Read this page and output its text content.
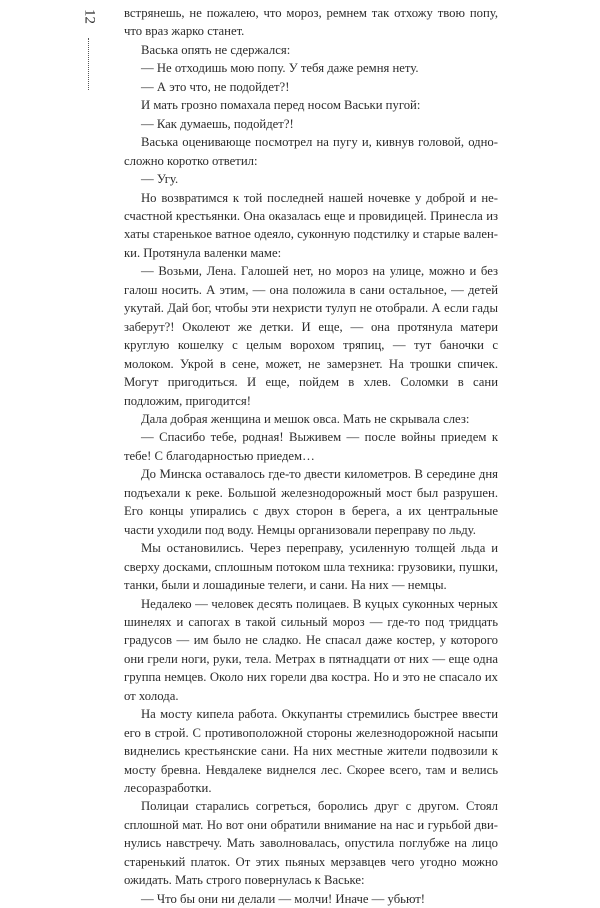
12 встрянешь, не пожалею, что мороз, ремнем так отхожу твою попу, что враз жарко станет.

Васька опять не сдержался:

— Не отходишь мою попу. У тебя даже ремня нету.

— А это что, не подойдет?!

И мать грозно помахала перед носом Васьки пугой:

— Как думаешь, подойдет?!

Васька оценивающе посмотрел на пугу и, кивнув головой, односложно коротко ответил:

— Угу.

Но возвратимся к той последней нашей ночевке у доброй и несчастной крестьянки. Она оказалась еще и провидицей. Принесла из хаты старенькое ватное одеяло, суконную подстилку и старые валенки. Протянула валенки маме:

— Возьми, Лена. Галошей нет, но мороз на улице, можно и без галош носить. А этим, — она положила в сани остальное, — детей укутай. Дай бог, чтобы эти нехристи тулуп не отобрали. А если гады заберут?! Околеют же детки. И еще, — она протянула матери круглую кошелку с целым ворохом тряпиц, — тут баночки с молоком. Укрой в сене, может, не замерзнет. На трошки спичек. Могут пригодиться. И еще, пойдем в хлев. Соломки в сани подложим, пригодится!

Дала добрая женщина и мешок овса. Мать не скрывала слез:

— Спасибо тебе, родная! Выживем — после войны приедем к тебе! С благодарностью приедем…

До Минска оставалось где-то двести километров. В середине дня подъехали к реке. Большой железнодорожный мост был разрушен. Его концы упирались с двух сторон в берега, а их центральные части уходили под воду. Немцы организовали переправу по льду.

Мы остановились. Через переправу, усиленную толщей льда и сверху досками, сплошным потоком шла техника: грузовики, пушки, танки, были и лошадиные телеги, и сани. На них — немцы.

Недалеко — человек десять полицаев. В куцых суконных черных шинелях и сапогах в такой сильный мороз — где-то под тридцать градусов — им было не сладко. Не спасал даже костер, у которого они грели ноги, руки, тела. Метрах в пятнадцати от них — еще одна группа немцев. Около них горели два костра. Но и это не спасало их от холода.

На мосту кипела работа. Оккупанты стремились быстрее ввести его в строй. С противоположной стороны железнодорожной насыпи виднелись крестьянские сани. На них местные жители подвозили к мосту бревна. Невдалеке виднелся лес. Скорее всего, там и велись лесоразработки.

Полицаи старались согреться, боролись друг с другом. Стоял сплошной мат. Но вот они обратили внимание на нас и гурьбой двинулись навстречу. Мать заволновалась, опустила поглубже на лицо старенький платок. От этих пьяных мерзавцев чего угодно можно ожидать. Мать строго повернулась к Ваське:

— Что бы они ни делали — молчи! Иначе — убьют!
